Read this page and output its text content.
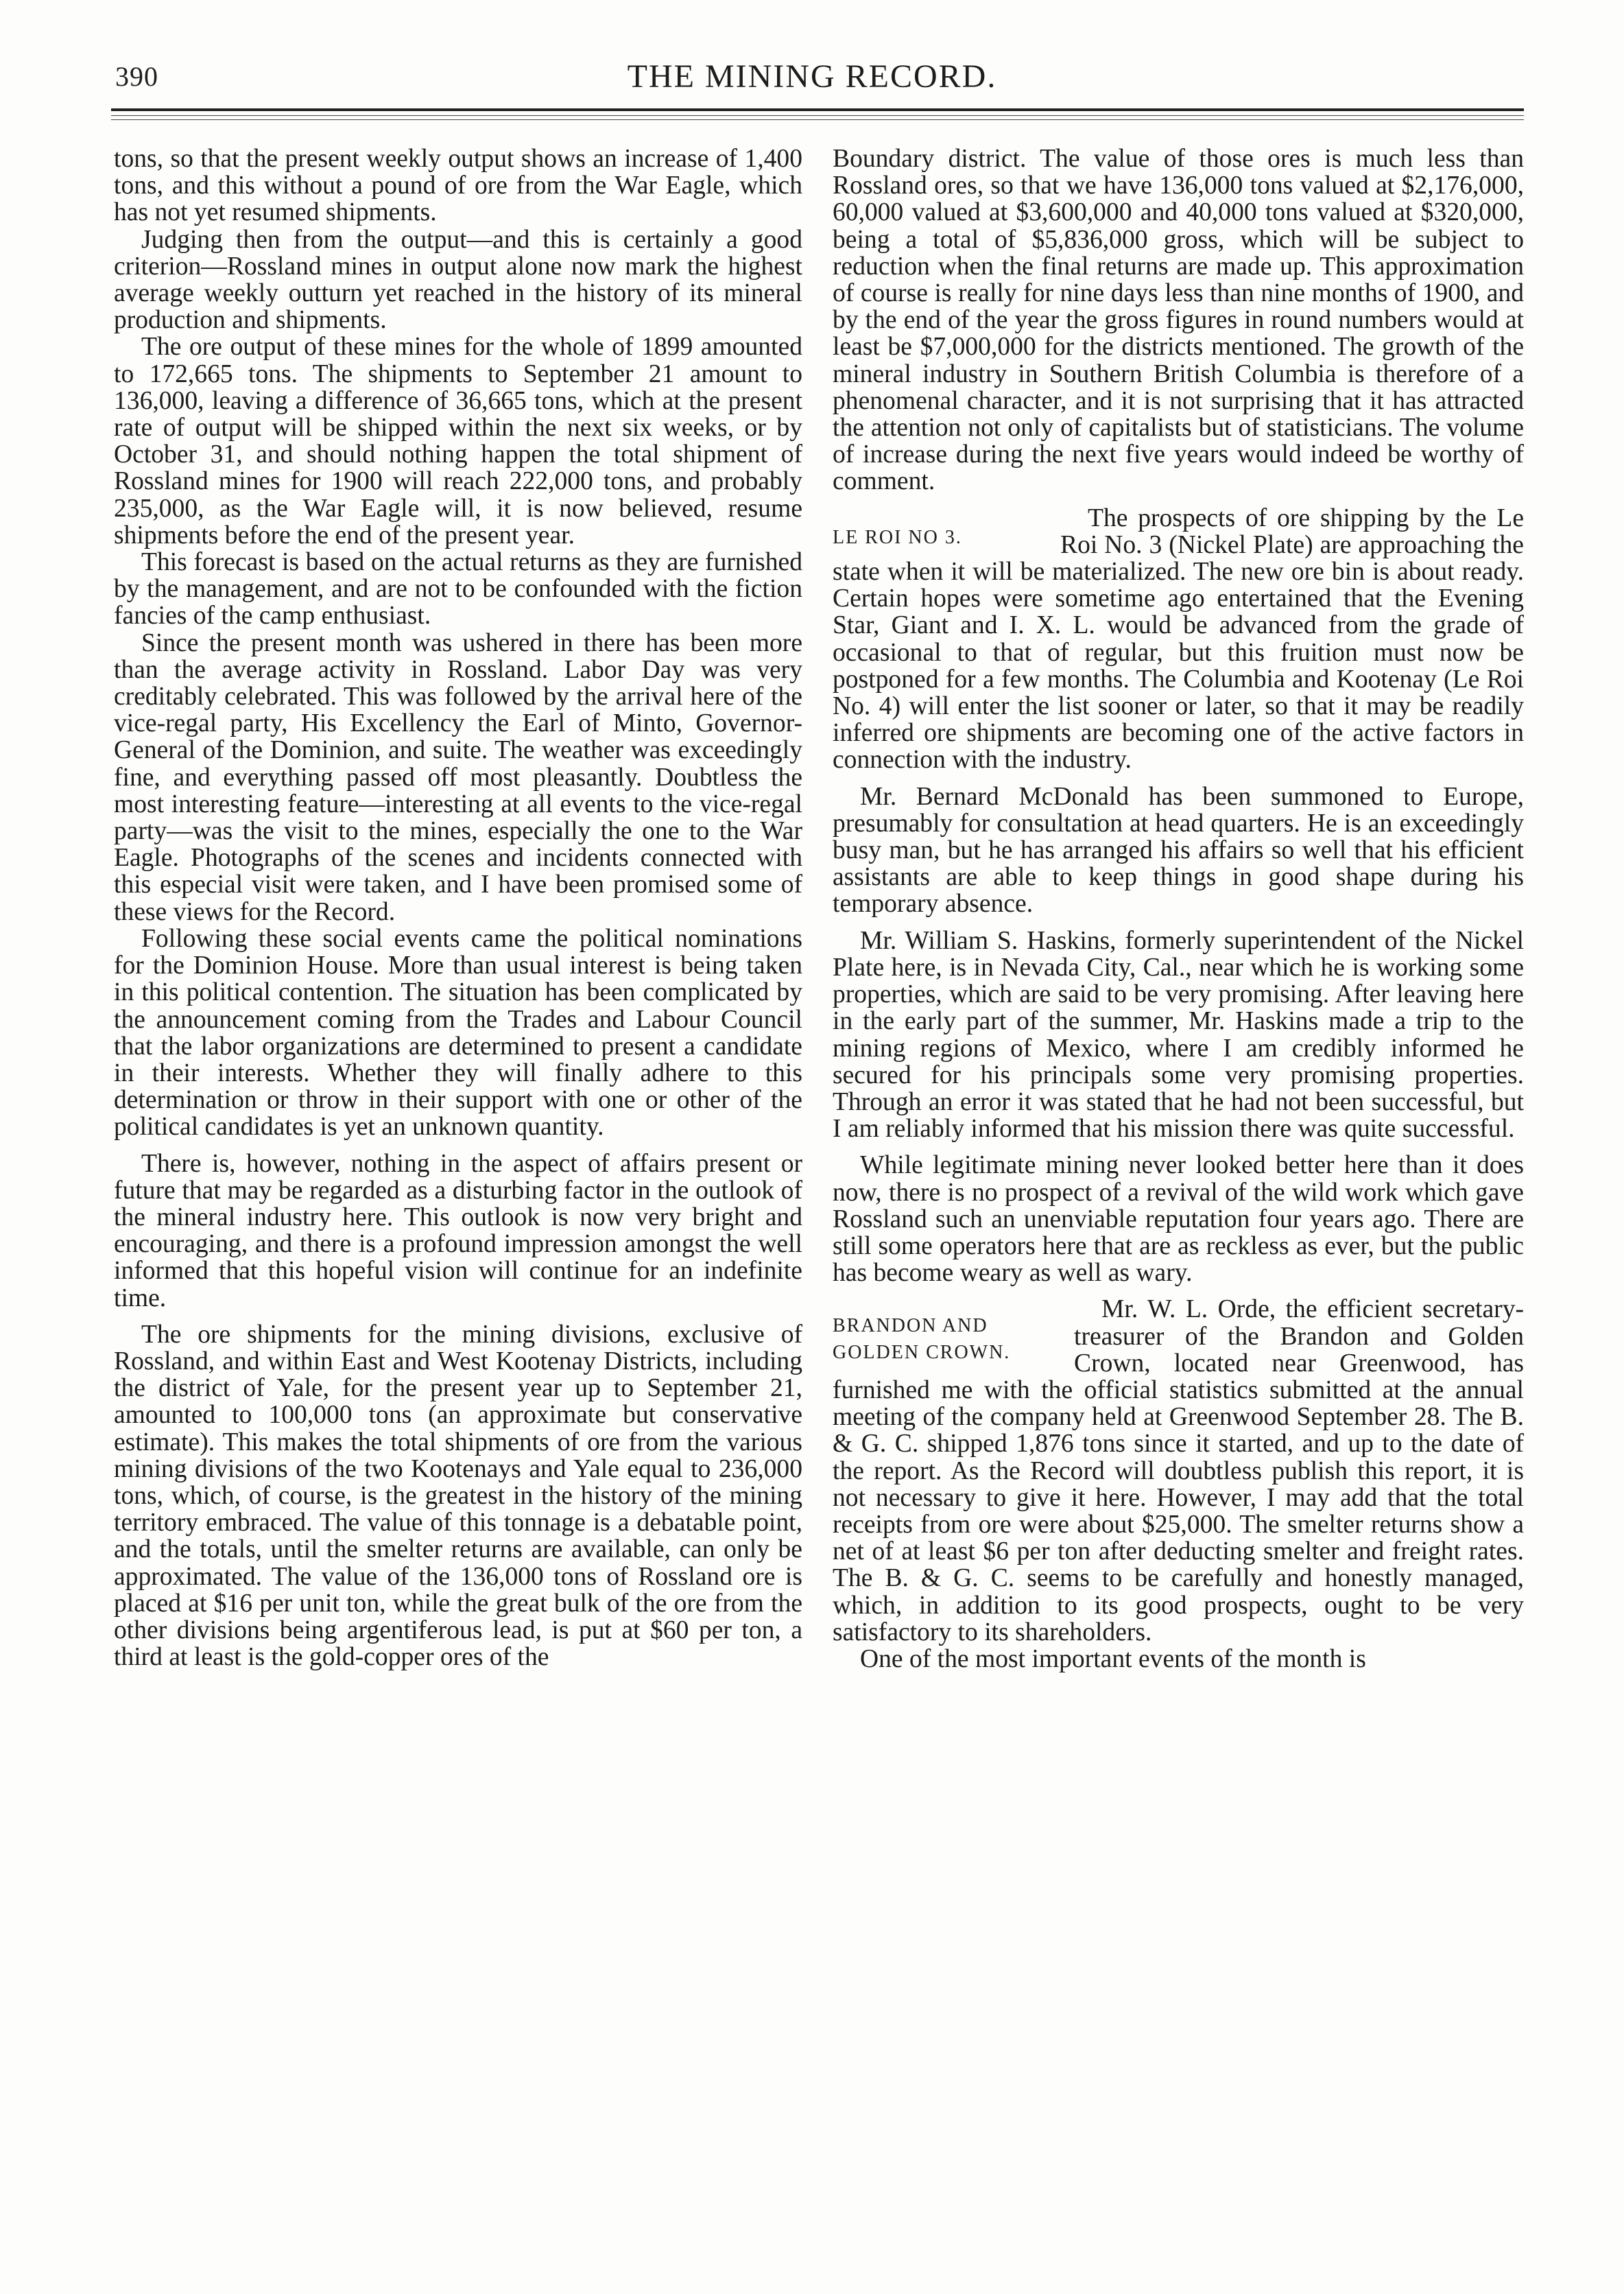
390	THE MINING RECORD.

tons, so that the present weekly output shows an increase of 1,400 tons, and this without a pound of ore from the War Eagle, which has not yet resumed shipments.

Judging then from the output—and this is certainly a good criterion—Rossland mines in output alone now mark the highest average weekly outturn yet reached in the history of its mineral production and shipments.

The ore output of these mines for the whole of 1899 amounted to 172,665 tons. The shipments to September 21 amount to 136,000, leaving a difference of 36,665 tons, which at the present rate of output will be shipped within the next six weeks, or by October 31, and should nothing happen the total shipment of Rossland mines for 1900 will reach 222,000 tons, and probably 235,000, as the War Eagle will, it is now believed, resume shipments before the end of the present year.

This forecast is based on the actual returns as they are furnished by the management, and are not to be confounded with the fiction fancies of the camp enthusiast.

Since the present month was ushered in there has been more than the average activity in Rossland. Labor Day was very creditably celebrated. This was followed by the arrival here of the vice-regal party, His Excellency the Earl of Minto, Governor-General of the Dominion, and suite. The weather was exceedingly fine, and everything passed off most pleasantly. Doubtless the most interesting feature—interesting at all events to the vice-regal party—was the visit to the mines, especially the one to the War Eagle. Photographs of the scenes and incidents connected with this especial visit were taken, and I have been promised some of these views for the Record.

Following these social events came the political nominations for the Dominion House. More than usual interest is being taken in this political contention. The situation has been complicated by the announcement coming from the Trades and Labour Council that the labor organizations are determined to present a candidate in their interests. Whether they will finally adhere to this determination or throw in their support with one or other of the political candidates is yet an unknown quantity.

There is, however, nothing in the aspect of affairs present or future that may be regarded as a disturbing factor in the outlook of the mineral industry here. This outlook is now very bright and encouraging, and there is a profound impression amongst the well informed that this hopeful vision will continue for an indefinite time.

The ore shipments for the mining divisions, exclusive of Rossland, and within East and West Kootenay Districts, including the district of Yale, for the present year up to September 21, amounted to 100,000 tons (an approximate but conservative estimate). This makes the total shipments of ore from the various mining divisions of the two Kootenays and Yale equal to 236,000 tons, which, of course, is the greatest in the history of the mining territory embraced. The value of this tonnage is a debatable point, and the totals, until the smelter returns are available, can only be approximated. The value of the 136,000 tons of Rossland ore is placed at $16 per unit ton, while the great bulk of the ore from the other divisions being argentiferous lead, is put at $60 per ton, a third at least is the gold-copper ores of the

Boundary district. The value of those ores is much less than Rossland ores, so that we have 136,000 tons valued at $2,176,000, 60,000 valued at $3,600,000 and 40,000 tons valued at $320,000, being a total of $5,836,000 gross, which will be subject to reduction when the final returns are made up. This approximation of course is really for nine days less than nine months of 1900, and by the end of the year the gross figures in round numbers would at least be $7,000,000 for the districts mentioned. The growth of the mineral industry in Southern British Columbia is therefore of a phenomenal character, and it is not surprising that it has attracted the attention not only of capitalists but of statisticians. The volume of increase during the next five years would indeed be worthy of comment.

LE ROI NO 3.

The prospects of ore shipping by the Le Roi No. 3 (Nickel Plate) are approaching the state when it will be materialized. The new ore bin is about ready. Certain hopes were sometime ago entertained that the Evening Star, Giant and I. X. L. would be advanced from the grade of occasional to that of regular, but this fruition must now be postponed for a few months. The Columbia and Kootenay (Le Roi No. 4) will enter the list sooner or later, so that it may be readily inferred ore shipments are becoming one of the active factors in connection with the industry.

Mr. Bernard McDonald has been summoned to Europe, presumably for consultation at head quarters. He is an exceedingly busy man, but he has arranged his affairs so well that his efficient assistants are able to keep things in good shape during his temporary absence.

Mr. William S. Haskins, formerly superintendent of the Nickel Plate here, is in Nevada City, Cal., near which he is working some properties, which are said to be very promising. After leaving here in the early part of the summer, Mr. Haskins made a trip to the mining regions of Mexico, where I am credibly informed he secured for his principals some very promising properties. Through an error it was stated that he had not been successful, but I am reliably informed that his mission there was quite successful.

While legitimate mining never looked better here than it does now, there is no prospect of a revival of the wild work which gave Rossland such an unenviable reputation four years ago. There are still some operators here that are as reckless as ever, but the public has become weary as well as wary.

BRANDON AND
GOLDEN CROWN.

Mr. W. L. Orde, the efficient secretary-treasurer of the Brandon and Golden Crown, located near Greenwood, has furnished me with the official statistics submitted at the annual meeting of the company held at Greenwood September 28. The B. & G. C. shipped 1,876 tons since it started, and up to the date of the report. As the Record will doubtless publish this report, it is not necessary to give it here. However, I may add that the total receipts from ore were about $25,000. The smelter returns show a net of at least $6 per ton after deducting smelter and freight rates. The B. & G. C. seems to be carefully and honestly managed, which, in addition to its good prospects, ought to be very satisfactory to its shareholders.

One of the most important events of the month is
